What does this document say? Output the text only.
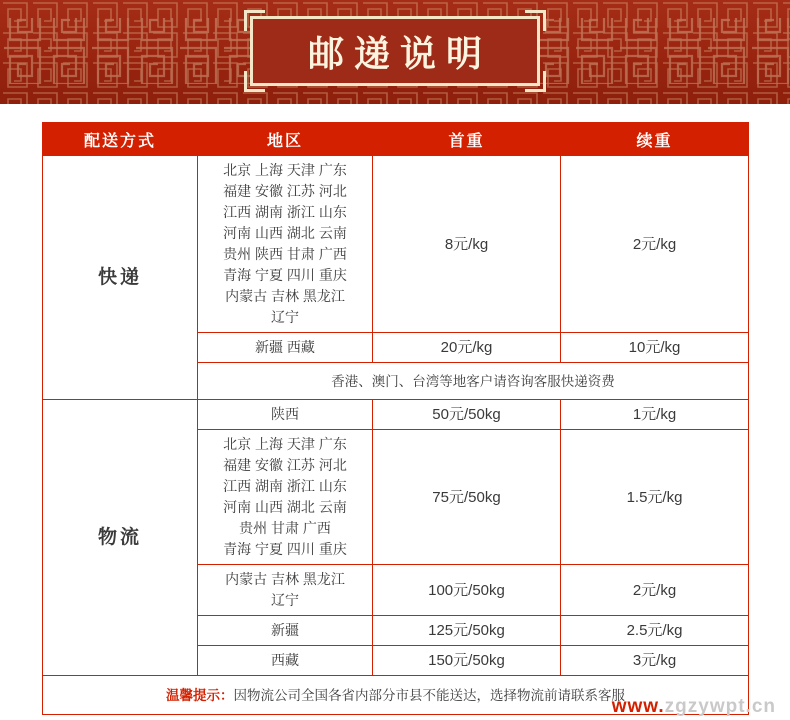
邮递说明
配送方式	地区	首重	续重
快递	北京 上海 天津 广东
福建 安徽 江苏 河北
江西 湖南 浙江 山东
河南 山西 湖北 云南
贵州 陕西 甘肃 广西
青海 宁夏 四川 重庆
内蒙古 吉林 黑龙江
辽宁	8元/kg	2元/kg
	新疆 西藏	20元/kg	10元/kg
	香港、澳门、台湾等地客户请咨询客服快递资费		
物流	陕西	50元/50kg	1元/kg
北京 上海 天津 广东
福建 安徽 江苏 河北
江西 湖南 浙江 山东
河南 山西 湖北 云南
贵州 甘肃 广西
青海 宁夏 四川 重庆	75元/50kg	1.5元/kg
	内蒙古 吉林 黑龙江
辽宁	100元/50kg	2元/kg
	新疆	125元/50kg	2.5元/kg
	西藏	150元/50kg	3元/kg
温馨提示：因物流公司全国各省内部分市县不能送达，选择物流前请联系客服			
www.zgzywpt.cn
